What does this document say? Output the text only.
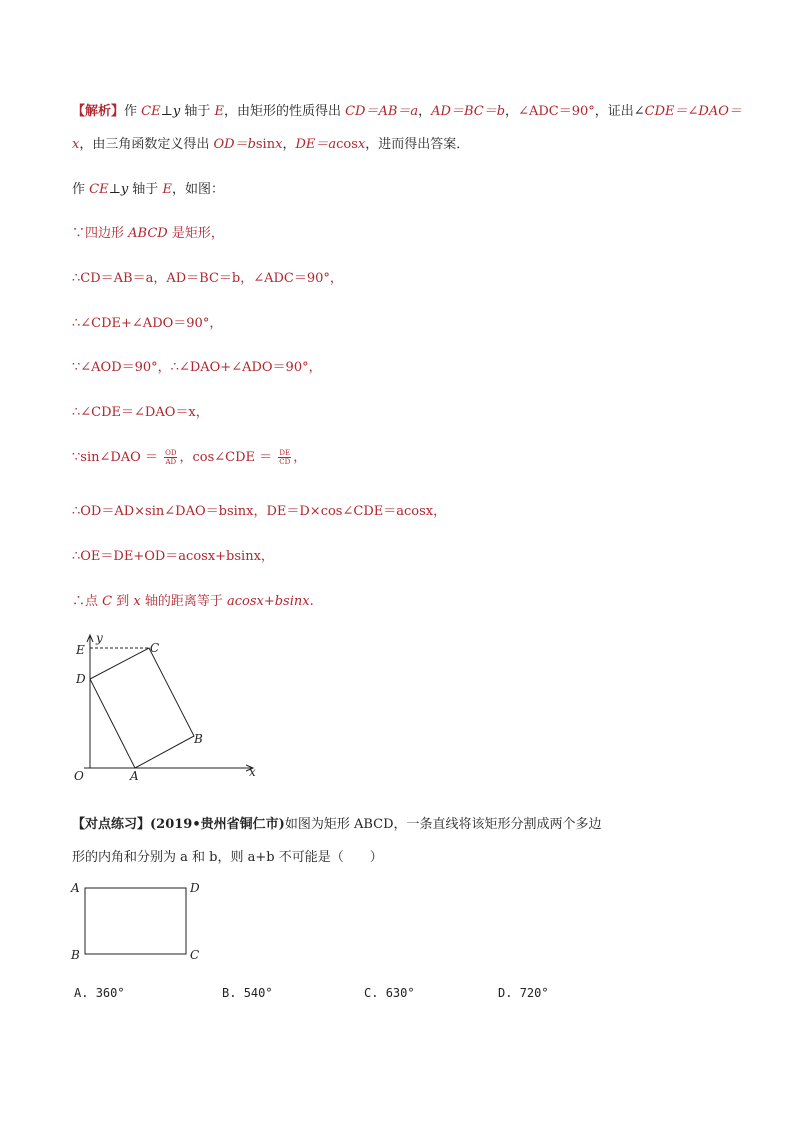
【解析】作 CE⊥y 轴于 E，由矩形的性质得出 CD＝AB＝a，AD＝BC＝b，∠ADC＝90°，证出∠CDE＝∠DAO＝
x，由三角函数定义得出 OD＝bsinx，DE＝acosx，进而得出答案．
作 CE⊥y 轴于 E，如图：
∵四边形 ABCD 是矩形，
∴CD＝AB＝a，AD＝BC＝b，∠ADC＝90°，
∴∠CDE+∠ADO＝90°，
∵∠AOD＝90°，∴∠DAO+∠ADO＝90°，
∴∠CDE＝∠DAO＝x，
∵sin∠DAO ＝ $\frac{OD}{AD}$ ，cos∠CDE ＝ $\frac{DE}{CD}$ ，
∴OD＝AD×sin∠DAO＝bsinx，DE＝D×cos∠CDE＝acosx，
∴OE＝DE+OD＝acosx+bsinx，
∴点 C 到 x 轴的距离等于 acosx+bsinx.
y
E
D
C
B
A
O	x
【对点练习】(2019•贵州省铜仁市)如图为矩形 ABCD，一条直线将该矩形分割成两个多边
形的内角和分别为 a 和 b，则 a+b 不可能是（　　）
A	D
B	C
A. 360°	B. 540°	C. 630°	D. 720°
